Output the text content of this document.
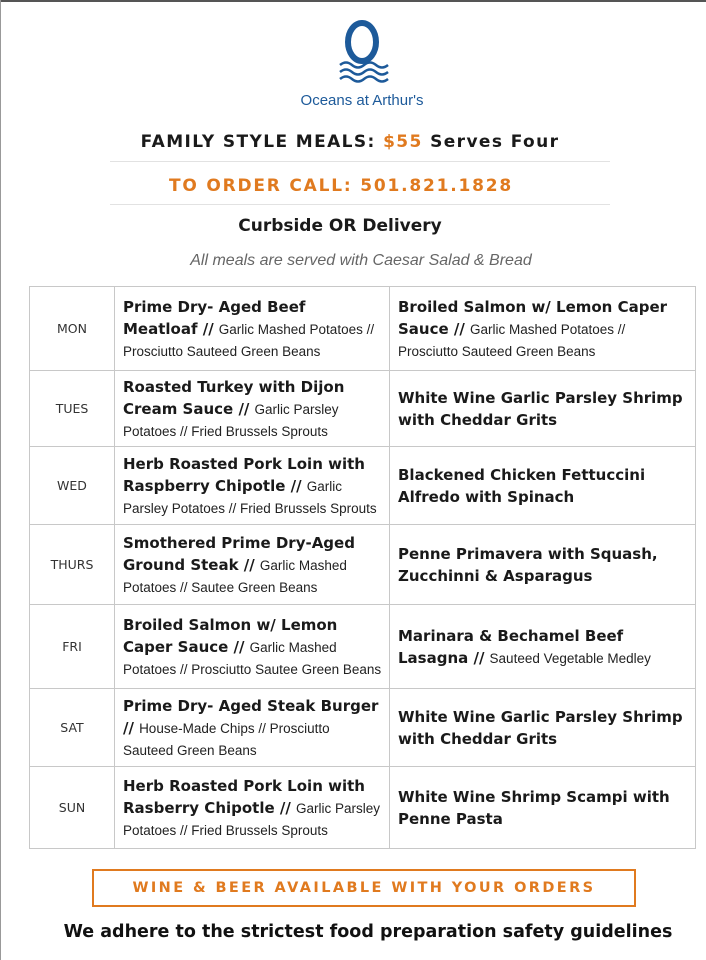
Oceans at Arthur's
FAMILY STYLE MEALS: $55 Serves Four
TO ORDER CALL: 501.821.1828
Curbside OR Delivery
All meals are served with Caesar Salad & Bread
MON	Prime Dry- Aged Beef Meatloaf // Garlic Mashed Potatoes // Prosciutto Sauteed Green Beans	Broiled Salmon w/ Lemon Caper Sauce // Garlic Mashed Potatoes // Prosciutto Sauteed Green Beans
TUES	Roasted Turkey with Dijon Cream Sauce // Garlic Parsley Potatoes // Fried Brussels Sprouts	White Wine Garlic Parsley Shrimp with Cheddar Grits
WED	Herb Roasted Pork Loin with Raspberry Chipotle // Garlic Parsley Potatoes // Fried Brussels Sprouts	Blackened Chicken Fettuccini Alfredo with Spinach
THURS	Smothered Prime Dry-Aged Ground Steak // Garlic Mashed Potatoes // Sautee Green Beans	Penne Primavera with Squash, Zucchinni & Asparagus
FRI	Broiled Salmon w/ Lemon Caper Sauce // Garlic Mashed Potatoes // Prosciutto Sautee Green Beans	Marinara & Bechamel Beef Lasagna // Sauteed Vegetable Medley
SAT	Prime Dry- Aged Steak Burger // House-Made Chips // Prosciutto Sauteed Green Beans	White Wine Garlic Parsley Shrimp with Cheddar Grits
SUN	Herb Roasted Pork Loin with Rasberry Chipotle // Garlic Parsley Potatoes // Fried Brussels Sprouts	White Wine Shrimp Scampi with Penne Pasta
WINE & BEER AVAILABLE WITH YOUR ORDERS
We adhere to the strictest food preparation safety guidelines
